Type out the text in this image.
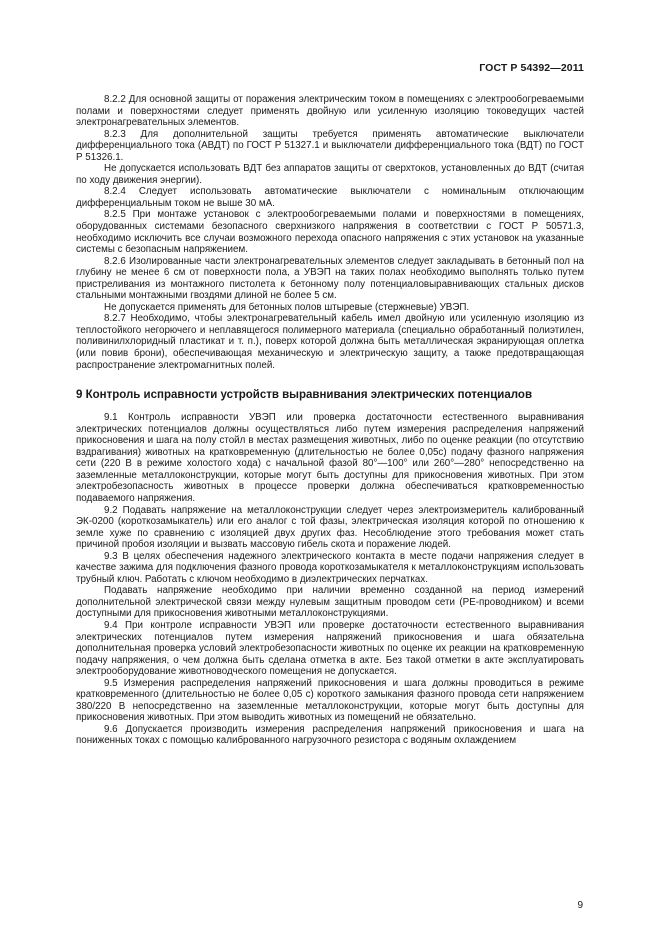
ГОСТ Р 54392—2011

8.2.2 Для основной защиты от поражения электрическим током в помещениях с электрообогреваемыми полами и поверхностями следует применять двойную или усиленную изоляцию токоведущих частей электронагревательных элементов.

8.2.3 Для дополнительной защиты требуется применять автоматические выключатели дифференциального тока (АВДТ) по ГОСТ Р 51327.1 и выключатели дифференциального тока (ВДТ) по ГОСТ Р 51326.1.

Не допускается использовать ВДТ без аппаратов защиты от сверхтоков, установленных до ВДТ (считая по ходу движения энергии).

8.2.4 Следует использовать автоматические выключатели с номинальным отключающим дифференциальным током не выше 30 мА.

8.2.5 При монтаже установок с электрообогреваемыми полами и поверхностями в помещениях, оборудованных системами безопасного сверхнизкого напряжения в соответствии с ГОСТ Р 50571.3, необходимо исключить все случаи возможного перехода опасного напряжения с этих установок на указанные системы с безопасным напряжением.

8.2.6 Изолированные части электронагревательных элементов следует закладывать в бетонный пол на глубину не менее 6 см от поверхности пола, а УВЭП на таких полах необходимо выполнять только путем пристреливания из монтажного пистолета к бетонному полу потенциаловыравнивающих стальных дисков стальными монтажными гвоздями длиной не более 5 см.

Не допускается применять для бетонных полов штыревые (стержневые) УВЭП.

8.2.7 Необходимо, чтобы электронагревательный кабель имел двойную или усиленную изоляцию из теплостойкого негорючего и неплавящегося полимерного материала (специально обработанный полиэтилен, поливинилхлоридный пластикат и т. п.), поверх которой должна быть металлическая экранирующая оплетка (или повив брони), обеспечивающая механическую и электрическую защиту, а также предотвращающая распространение электромагнитных полей.

9 Контроль исправности устройств выравнивания электрических потенциалов

9.1 Контроль исправности УВЭП или проверка достаточности естественного выравнивания электрических потенциалов должны осуществляться либо путем измерения распределения напряжений прикосновения и шага на полу стойл в местах размещения животных, либо по оценке реакции (по отсутствию вздрагивания) животных на кратковременную (длительностью не более 0,05с) подачу фазного напряжения сети (220 В в режиме холостого хода) с начальной фазой 80°—100° или 260°—280° непосредственно на заземленные металлоконструкции, которые могут быть доступны для прикосновения животных. При этом электробезопасность животных в процессе проверки должна обеспечиваться кратковременностью подаваемого напряжения.

9.2 Подавать напряжение на металлоконструкции следует через электроизмеритель калиброванный ЭК-0200 (короткозамыкатель) или его аналог с той фазы, электрическая изоляция которой по отношению к земле хуже по сравнению с изоляцией двух других фаз. Несоблюдение этого требования может стать причиной пробоя изоляции и вызвать массовую гибель скота и поражение людей.

9.3 В целях обеспечения надежного электрического контакта в месте подачи напряжения следует в качестве зажима для подключения фазного провода короткозамыкателя к металлоконструкциям использовать трубный ключ. Работать с ключом необходимо в диэлектрических перчатках.

Подавать напряжение необходимо при наличии временно созданной на период измерений дополнительной электрической связи между нулевым защитным проводом сети (PE-проводником) и всеми доступными для прикосновения животными металлоконструкциями.

9.4 При контроле исправности УВЭП или проверке достаточности естественного выравнивания электрических потенциалов путем измерения напряжений прикосновения и шага обязательна дополнительная проверка условий электробезопасности животных по оценке их реакции на кратковременную подачу напряжения, о чем должна быть сделана отметка в акте. Без такой отметки в акте эксплуатировать электрооборудование животноводческого помещения не допускается.

9.5 Измерения распределения напряжений прикосновения и шага должны проводиться в режиме кратковременного (длительностью не более 0,05 с) короткого замыкания фазного провода сети напряжением 380/220 В непосредственно на заземленные металлоконструкции, которые могут быть доступны для прикосновения животных. При этом выводить животных из помещений не обязательно.

9.6 Допускается производить измерения распределения напряжений прикосновения и шага на пониженных токах с помощью калиброванного нагрузочного резистора с водяным охлаждением

9
